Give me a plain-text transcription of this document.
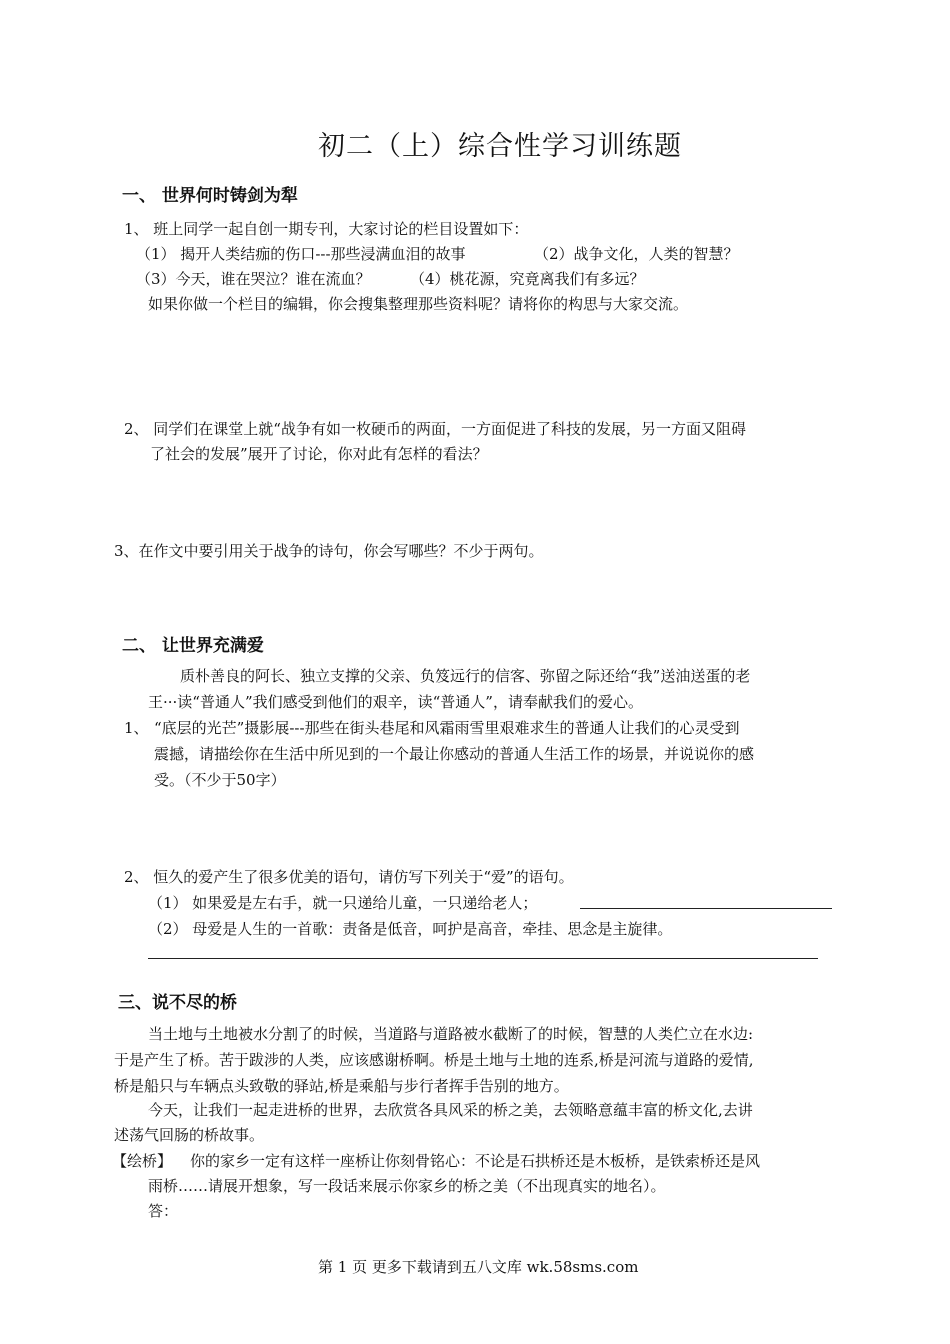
初二（上）综合性学习训练题
一、 世界何时铸剑为犁
1、 班上同学一起自创一期专刊，大家讨论的栏目设置如下：
（1） 揭开人类结痂的伤口---那些浸满血泪的故事	（2）战争文化，人类的智慧？
（3）今天，谁在哭泣？谁在流血？	（4）桃花源，究竟离我们有多远？
如果你做一个栏目的编辑，你会搜集整理那些资料呢？请将你的构思与大家交流。
2、 同学们在课堂上就“战争有如一枚硬币的两面，一方面促进了科技的发展，另一方面又阻碍
了社会的发展”展开了讨论，你对此有怎样的看法？
3、在作文中要引用关于战争的诗句，你会写哪些？不少于两句。
二、 让世界充满爱
质朴善良的阿长、独立支撑的父亲、负笈远行的信客、弥留之际还给“我”送油送蛋的老
王···读“普通人”我们感受到他们的艰辛，读“普通人”，请奉献我们的爱心。
1、 “底层的光芒”摄影展---那些在街头巷尾和风霜雨雪里艰难求生的普通人让我们的心灵受到
震撼，请描绘你在生活中所见到的一个最让你感动的普通人生活工作的场景，并说说你的感
受。（不少于50字）
2、 恒久的爱产生了很多优美的语句，请仿写下列关于“爱”的语句。
（1） 如果爱是左右手，就一只递给儿童，一只递给老人；
（2） 母爱是人生的一首歌：责备是低音，呵护是高音，牵挂、思念是主旋律。
三、说不尽的桥
当土地与土地被水分割了的时候，当道路与道路被水截断了的时候，智慧的人类伫立在水边:
于是产生了桥。苦于跋涉的人类，应该感谢桥啊。桥是土地与土地的连系,桥是河流与道路的爱情,
桥是船只与车辆点头致敬的驿站,桥是乘船与步行者挥手告别的地方。
今天，让我们一起走进桥的世界，去欣赏各具风采的桥之美，去领略意蕴丰富的桥文化,去讲
述荡气回肠的桥故事。
【绘桥】 你的家乡一定有这样一座桥让你刻骨铭心：不论是石拱桥还是木板桥，是铁索桥还是风
雨桥……请展开想象，写一段话来展示你家乡的桥之美（不出现真实的地名）。
答：
第 1 页 更多下载请到五八文库 wk.58sms.com
